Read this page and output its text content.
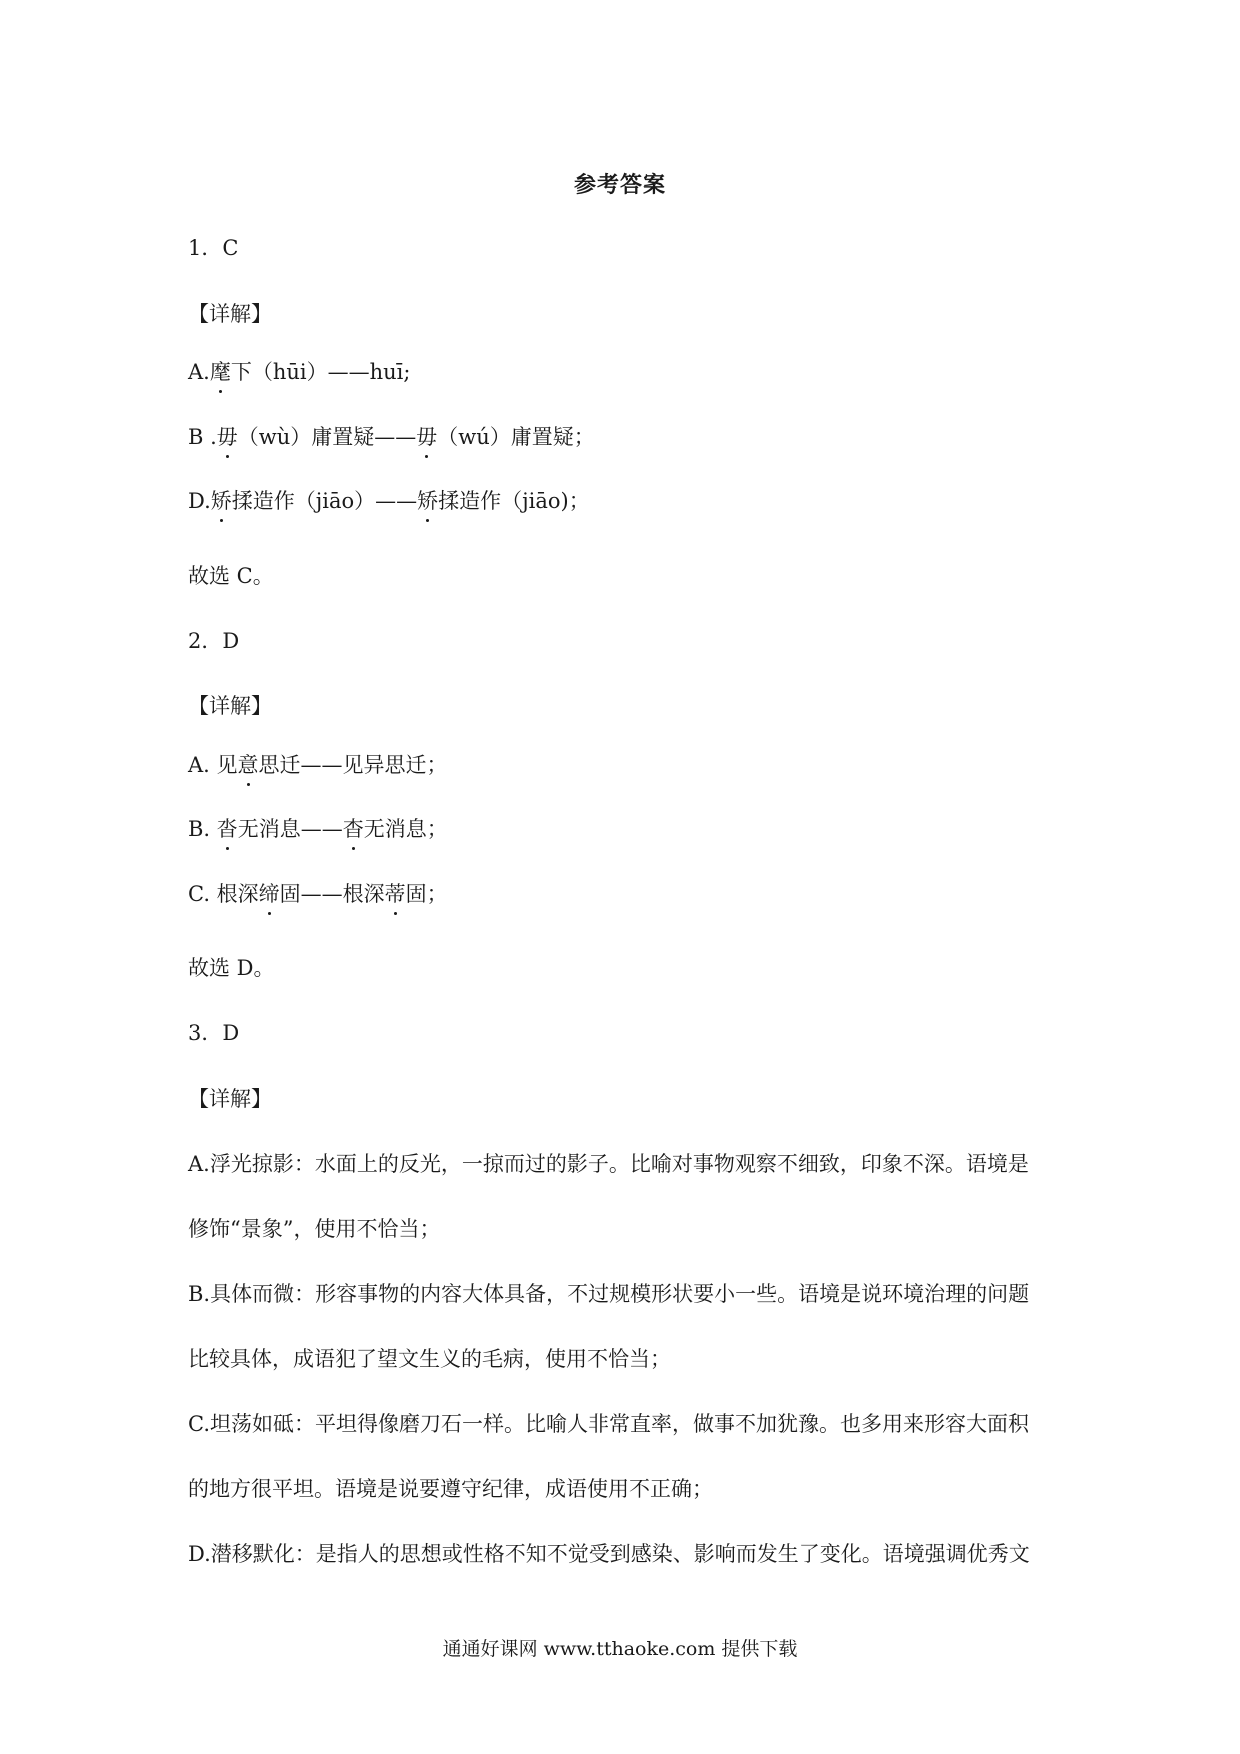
参考答案
1．C
【详解】
A.麾下（hūi）——huī;
B .毋（wù）庸置疑——毋（wú）庸置疑；
D.矫揉造作（jiāo）——矫揉造作（jiāo)；
故选 C。
2．D
【详解】
A. 见意思迁——见异思迁；
B. 沓无消息——杳无消息；
C. 根深缔固——根深蒂固；
故选 D。
3．D
【详解】
A.浮光掠影：水面上的反光，一掠而过的影子。比喻对事物观察不细致，印象不深。语境是
修饰“景象”，使用不恰当；
B.具体而微：形容事物的内容大体具备，不过规模形状要小一些。语境是说环境治理的问题
比较具体，成语犯了望文生义的毛病，使用不恰当；
C.坦荡如砥：平坦得像磨刀石一样。比喻人非常直率，做事不加犹豫。也多用来形容大面积
的地方很平坦。语境是说要遵守纪律，成语使用不正确；
D.潜移默化：是指人的思想或性格不知不觉受到感染、影响而发生了变化。语境强调优秀文
通通好课网 www.tthaoke.com 提供下载
